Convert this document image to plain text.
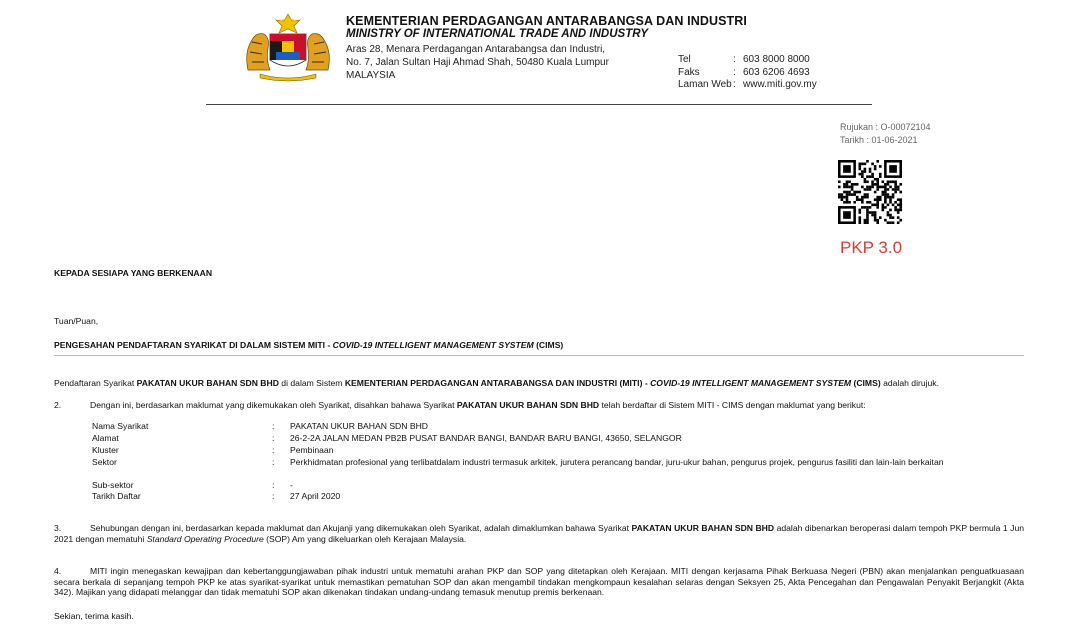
KEMENTERIAN PERDAGANGAN ANTARABANGSA DAN INDUSTRI
MINISTRY OF INTERNATIONAL TRADE AND INDUSTRY
Aras 28, Menara Perdagangan Antarabangsa dan Industri,
No. 7, Jalan Sultan Haji Ahmad Shah, 50480 Kuala Lumpur
MALAYSIA
Tel	: 603 8000 8000
Faks	: 603 6206 4693
Laman Web : www.miti.gov.my
Rujukan : O-00072104
Tarikh : 01-06-2021
PKP 3.0
KEPADA SESIAPA YANG BERKENAAN
Tuan/Puan,
PENGESAHAN PENDAFTARAN SYARIKAT DI DALAM SISTEM MITI - COVID-19 INTELLIGENT MANAGEMENT SYSTEM (CIMS)
Pendaftaran Syarikat PAKATAN UKUR BAHAN SDN BHD di dalam Sistem KEMENTERIAN PERDAGANGAN ANTARABANGSA DAN INDUSTRI (MITI) - COVID-19 INTELLIGENT MANAGEMENT SYSTEM (CIMS) adalah dirujuk.
2.	Dengan ini, berdasarkan maklumat yang dikemukakan oleh Syarikat, disahkan bahawa Syarikat PAKATAN UKUR BAHAN SDN BHD telah berdaftar di Sistem MITI - CIMS dengan maklumat yang berikut:
Nama Syarikat	: PAKATAN UKUR BAHAN SDN BHD
Alamat	: 26-2-2A JALAN MEDAN PB2B PUSAT BANDAR BANGI, BANDAR BARU BANGI, 43650, SELANGOR
Kluster	: Pembinaan
Sektor	: Perkhidmatan profesional yang terlibatdalam industri termasuk arkitek, jurutera perancang bandar, juru-ukur bahan, pengurus projek, pengurus fasiliti dan lain-lain berkaitan
Sub-sektor	: -
Tarikh Daftar	: 27 April 2020
3.	Sehubungan dengan ini, berdasarkan kepada maklumat dan Akujanji yang dikemukakan oleh Syarikat, adalah dimaklumkan bahawa Syarikat PAKATAN UKUR BAHAN SDN BHD adalah dibenarkan beroperasi dalam tempoh PKP bermula 1 Jun 2021 dengan mematuhi Standard Operating Procedure (SOP) Am yang dikeluarkan oleh Kerajaan Malaysia.
4.	MITI ingin menegaskan kewajipan dan kebertanggungjawaban pihak industri untuk mematuhi arahan PKP dan SOP yang ditetapkan oleh Kerajaan. MITI dengan kerjasama Pihak Berkuasa Negeri (PBN) akan menjalankan penguatkuasaan secara berkala di sepanjang tempoh PKP ke atas syarikat-syarikat untuk memastikan pematuhan SOP dan akan mengambil tindakan mengkompaun kesalahan selaras dengan Seksyen 25, Akta Pencegahan dan Pengawalan Penyakit Berjangkit (Akta 342). Majikan yang didapati melanggar dan tidak mematuhi SOP akan dikenakan tindakan undang-undang temasuk menutup premis berkenaan.
Sekian, terima kasih.
